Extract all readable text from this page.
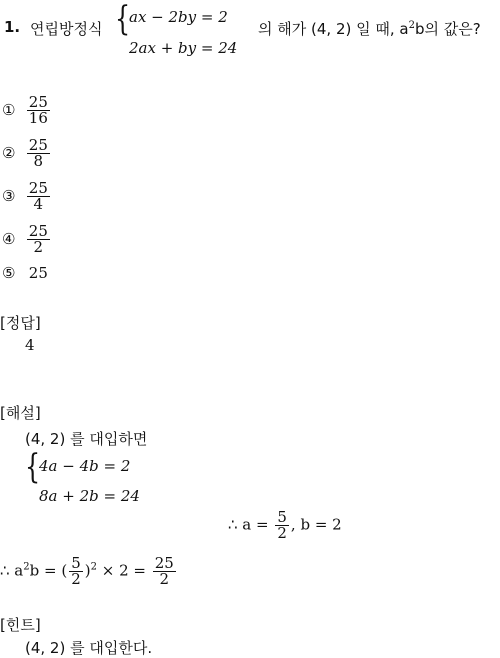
1. 연립방정식 {
ax − 2by = 2
2ax + by = 24
의 해가 (4, 2) 일 때, $a^2b$의 값은?
① $\frac{25}{16}$
② $\frac{25}{8}$
③ $\frac{25}{4}$
④ $\frac{25}{2}$
⑤ 25
[정답]
4
[해설]
(4, 2) 를 대입하면
{
4a − 4b = 2
8a + 2b = 24
∴ $a = \frac{5}{2}$ , b = 2
∴ $a^2b$ = ( $\frac{5}{2} )^2 \times 2 = \frac{25}{2}$
[힌트]
(4, 2) 를 대입한다.
